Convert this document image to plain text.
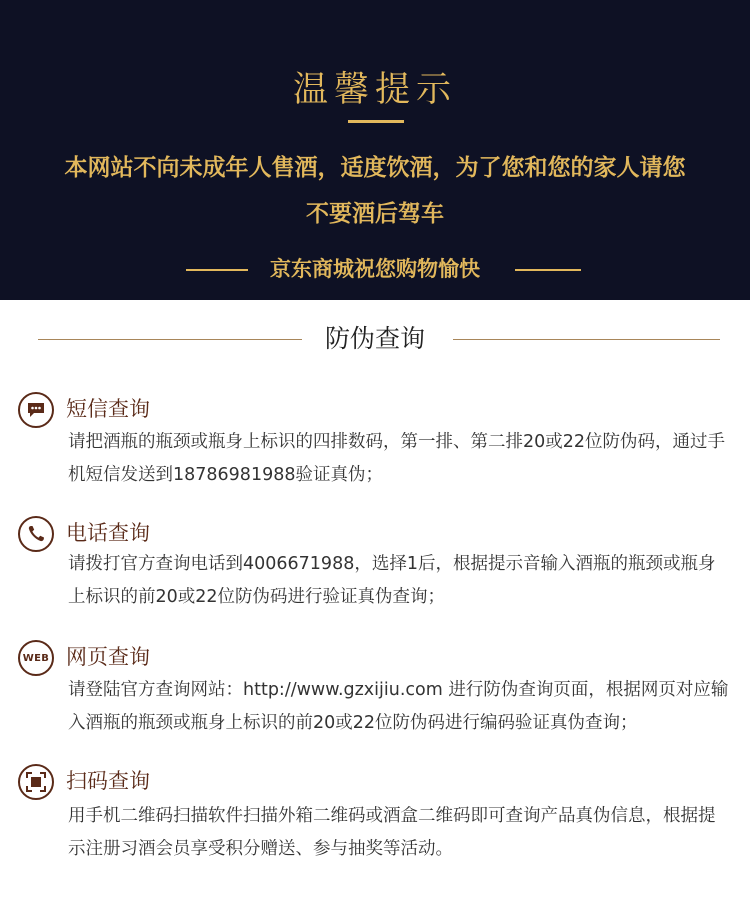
温馨提示
本网站不向未成年人售酒，适度饮酒，为了您和您的家人请您
不要酒后驾车
京东商城祝您购物愉快
防伪查询
短信查询
请把酒瓶的瓶颈或瓶身上标识的四排数码，第一排、第二排20或22位防伪码，通过手机短信发送到18786981988验证真伪；
电话查询
请拨打官方查询电话到4006671988，选择1后，根据提示音输入酒瓶的瓶颈或瓶身上标识的前20或22位防伪码进行验证真伪查询；
WEB 网页查询
请登陆官方查询网站：http://www.gzxijiu.com 进行防伪查询页面，根据网页对应输入酒瓶的瓶颈或瓶身上标识的前20或22位防伪码进行编码验证真伪查询；
扫码查询
用手机二维码扫描软件扫描外箱二维码或酒盒二维码即可查询产品真伪信息，根据提示注册习酒会员享受积分赠送、参与抽奖等活动。
